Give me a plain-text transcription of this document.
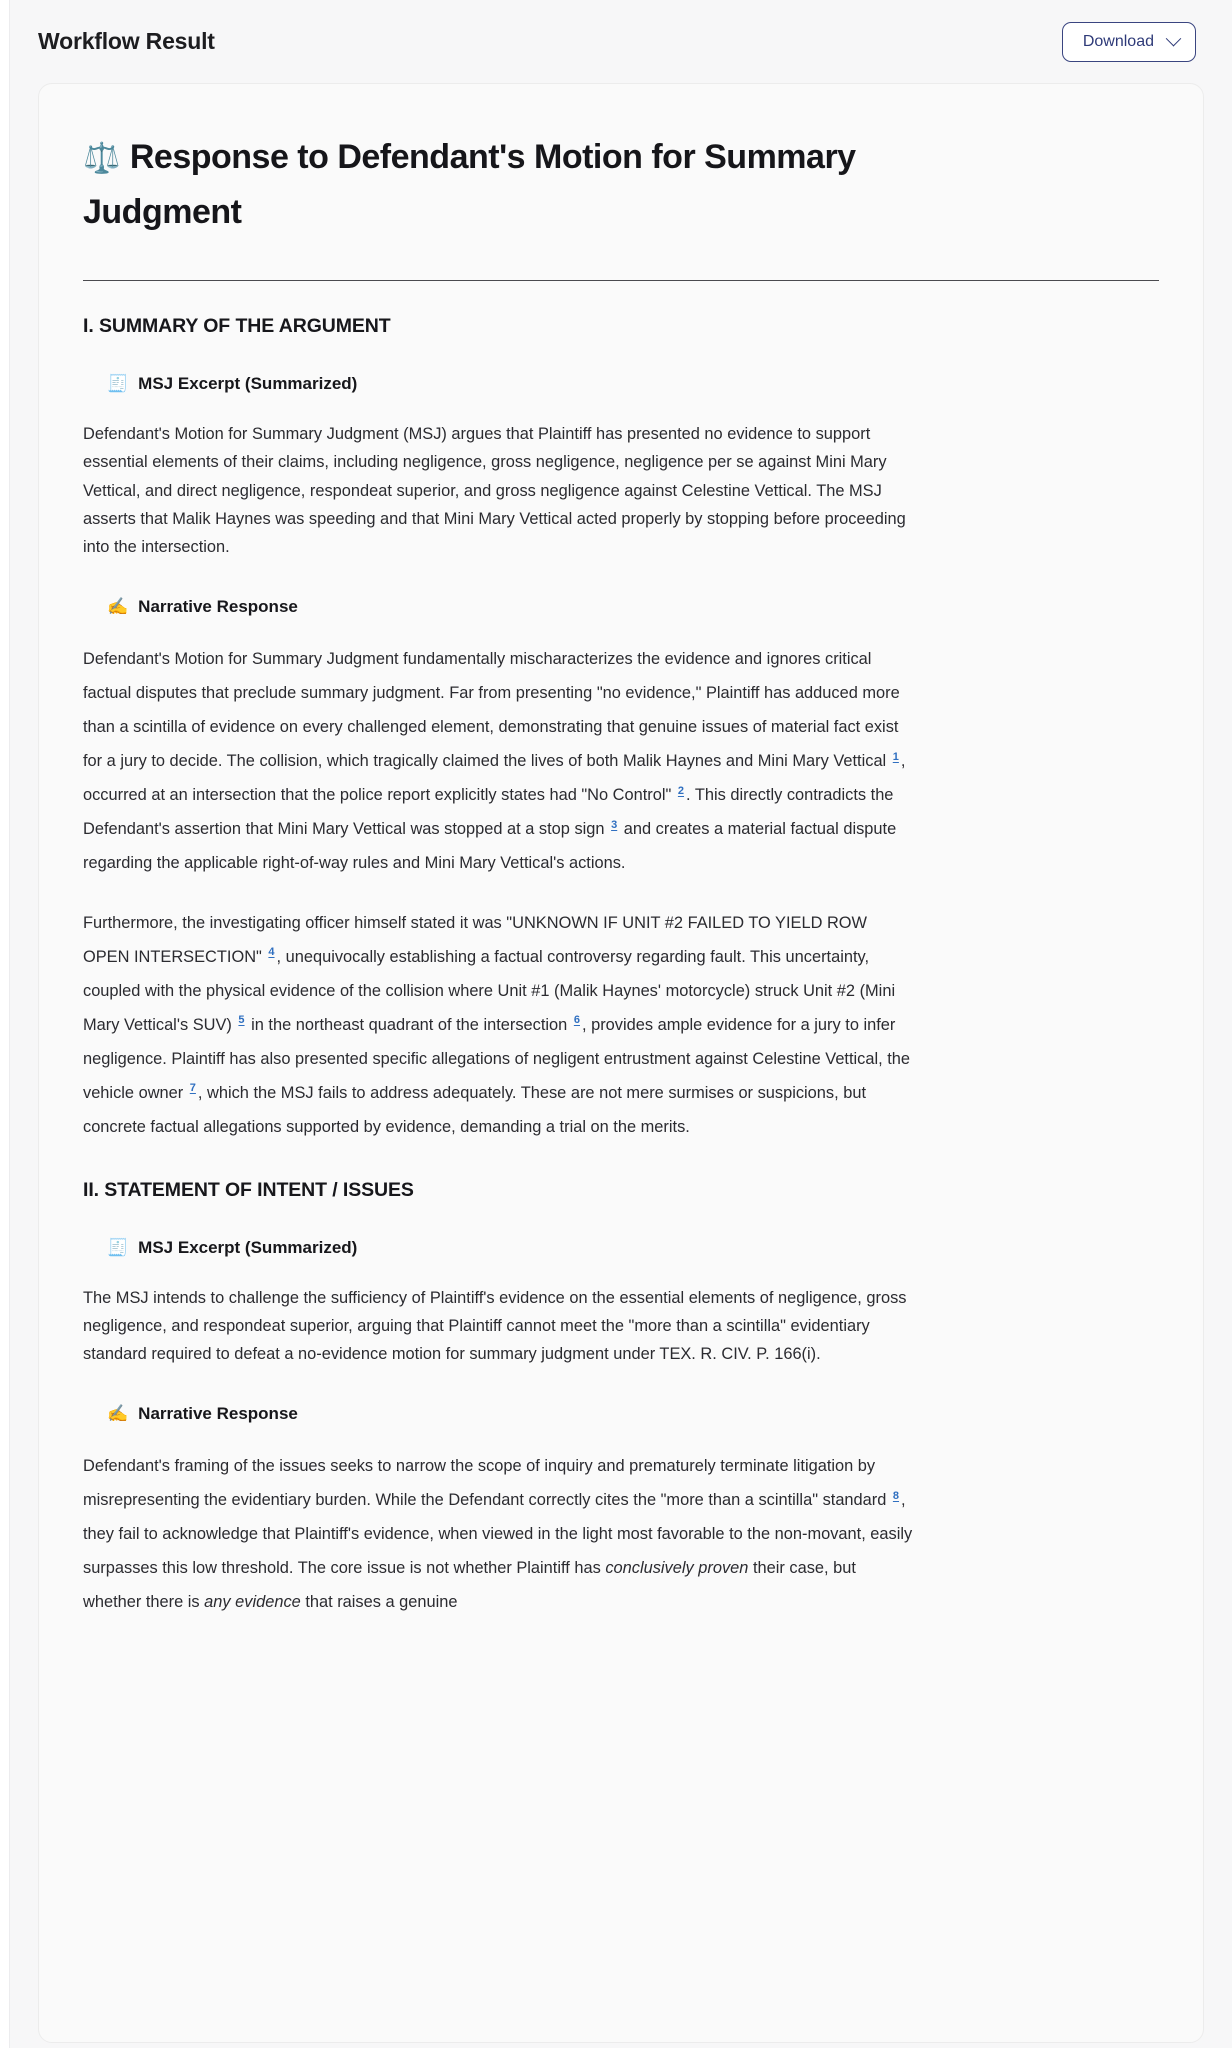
Workflow Result	Download
⚖️ Response to Defendant's Motion for Summary Judgment
I. SUMMARY OF THE ARGUMENT
🧾 MSJ Excerpt (Summarized)

Defendant's Motion for Summary Judgment (MSJ) argues that Plaintiff has presented no evidence to support essential elements of their claims, including negligence, gross negligence, negligence per se against Mini Mary Vettical, and direct negligence, respondeat superior, and gross negligence against Celestine Vettical. The MSJ asserts that Malik Haynes was speeding and that Mini Mary Vettical acted properly by stopping before proceeding into the intersection.

✍️ Narrative Response

Defendant's Motion for Summary Judgment fundamentally mischaracterizes the evidence and ignores critical factual disputes that preclude summary judgment. Far from presenting "no evidence," Plaintiff has adduced more than a scintilla of evidence on every challenged element, demonstrating that genuine issues of material fact exist for a jury to decide. The collision, which tragically claimed the lives of both Malik Haynes and Mini Mary Vettical $^1$ , occurred at an intersection that the police report explicitly states had "No Control" $^2$ . This directly contradicts the Defendant's assertion that Mini Mary Vettical was stopped at a stop sign $^3$ and creates a material factual dispute regarding the applicable right-of-way rules and Mini Mary Vettical's actions.

Furthermore, the investigating officer himself stated it was "UNKNOWN IF UNIT #2 FAILED TO YIELD ROW OPEN INTERSECTION" $^4$ , unequivocally establishing a factual controversy regarding fault. This uncertainty, coupled with the physical evidence of the collision where Unit #1 (Malik Haynes' motorcycle) struck Unit #2 (Mini Mary Vettical's SUV) $^5$ in the northeast quadrant of the intersection $^6$ , provides ample evidence for a jury to infer negligence. Plaintiff has also presented specific allegations of negligent entrustment against Celestine Vettical, the vehicle owner $^7$ , which the MSJ fails to address adequately. These are not mere surmises or suspicions, but concrete factual allegations supported by evidence, demanding a trial on the merits.

II. STATEMENT OF INTENT / ISSUES
🧾 MSJ Excerpt (Summarized)

The MSJ intends to challenge the sufficiency of Plaintiff's evidence on the essential elements of negligence, gross negligence, and respondeat superior, arguing that Plaintiff cannot meet the "more than a scintilla" evidentiary standard required to defeat a no-evidence motion for summary judgment under TEX. R. CIV. P. 166(i).

✍️ Narrative Response

Defendant's framing of the issues seeks to narrow the scope of inquiry and prematurely terminate litigation by misrepresenting the evidentiary burden. While the Defendant correctly cites the "more than a scintilla" standard $^8$ , they fail to acknowledge that Plaintiff's evidence, when viewed in the light most favorable to the non-movant, easily surpasses this low threshold. The core issue is not whether Plaintiff has conclusively proven their case, but whether there is any evidence that raises a genuine
